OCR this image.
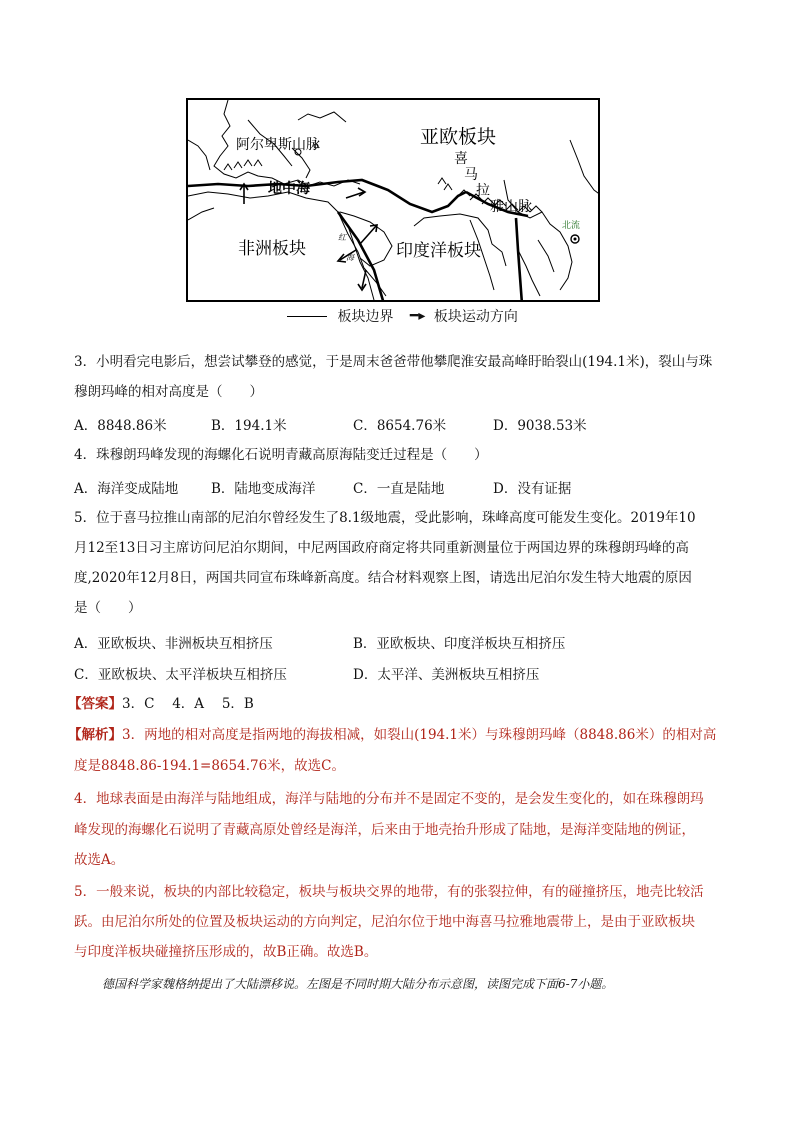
阿尔卑斯山脉	亚欧板块
地中海
喜
马
拉
雅山脉
非洲板块	印度洋板块
红
海
北流
板块边界 ━▸ 板块运动方向
3．小明看完电影后，想尝试攀登的感觉，于是周末爸爸带他攀爬淮安最高峰盱眙裂山(194.1米)，裂山与珠
穆朗玛峰的相对高度是（　　）
A．8848.86米	B．194.1米	C．8654.76米	D．9038.53米
4．珠穆朗玛峰发现的海螺化石说明青藏高原海陆变迁过程是（　　）
A．海洋变成陆地 B．陆地变成海洋	C．一直是陆地	D．没有证据
5．位于喜马拉推山南部的尼泊尔曾经发生了8.1级地震，受此影响，珠峰高度可能发生变化。2019年10
月12至13日习主席访问尼泊尔期间，中尼两国政府商定将共同重新测量位于两国边界的珠穆朗玛峰的高
度,2020年12月8日，两国共同宣布珠峰新高度。结合材料观察上图，请选出尼泊尔发生特大地震的原因
是（　　）
A．亚欧板块、非洲板块互相挤压	B．亚欧板块、印度洋板块互相挤压
C．亚欧板块、太平洋板块互相挤压	D．太平洋、美洲板块互相挤压
【答案】3．C　 4．A　 5．B
【解析】3．两地的相对高度是指两地的海拔相减，如裂山(194.1米）与珠穆朗玛峰（8848.86米）的相对高
度是8848.86-194.1=8654.76米，故选C。
4．地球表面是由海洋与陆地组成，海洋与陆地的分布并不是固定不变的，是会发生变化的，如在珠穆朗玛
峰发现的海螺化石说明了青藏高原处曾经是海洋，后来由于地壳抬升形成了陆地，是海洋变陆地的例证，
故选A。
5．一般来说，板块的内部比较稳定，板块与板块交界的地带，有的张裂拉伸，有的碰撞挤压，地壳比较活
跃。由尼泊尔所处的位置及板块运动的方向判定，尼泊尔位于地中海喜马拉雅地震带上，是由于亚欧板块
与印度洋板块碰撞挤压形成的，故B正确。故选B。
德国科学家魏格纳提出了大陆漂移说。左图是不同时期大陆分布示意图，读图完成下面6-7小题。
